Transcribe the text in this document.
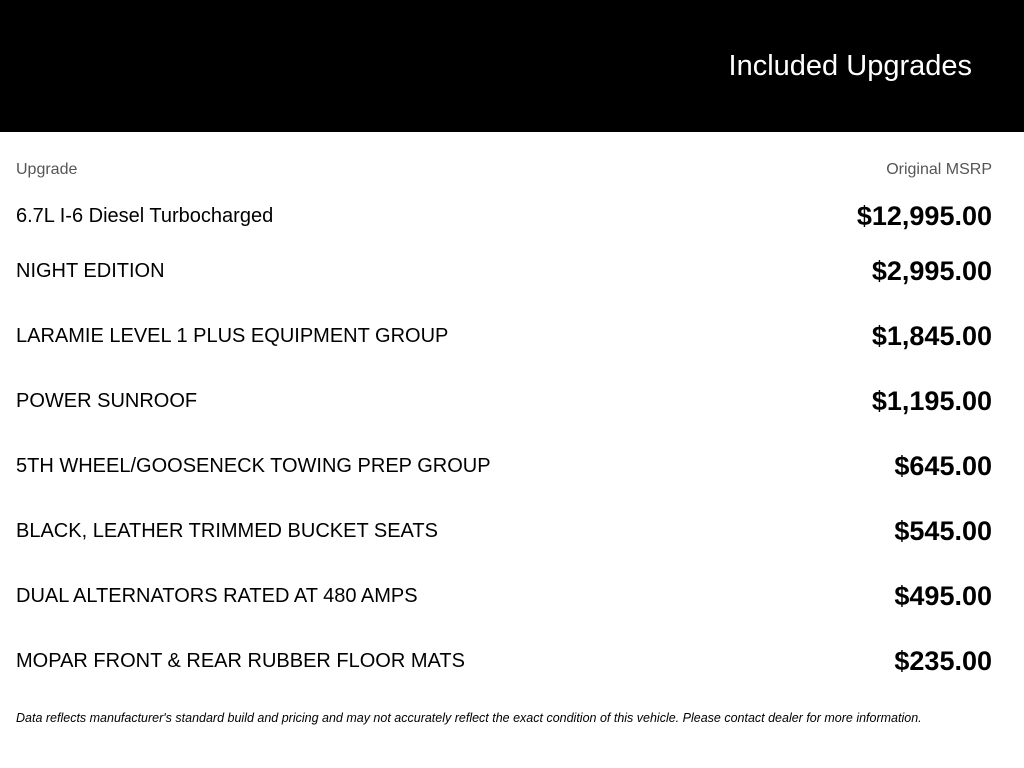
Included Upgrades
Upgrade	Original MSRP
6.7L I-6 Diesel Turbocharged	$12,995.00
NIGHT EDITION	$2,995.00
LARAMIE LEVEL 1 PLUS EQUIPMENT GROUP	$1,845.00
POWER SUNROOF	$1,195.00
5TH WHEEL/GOOSENECK TOWING PREP GROUP	$645.00
BLACK, LEATHER TRIMMED BUCKET SEATS	$545.00
DUAL ALTERNATORS RATED AT 480 AMPS	$495.00
MOPAR FRONT & REAR RUBBER FLOOR MATS	$235.00
Data reflects manufacturer's standard build and pricing and may not accurately reflect the exact condition of this vehicle. Please contact dealer for more information.
